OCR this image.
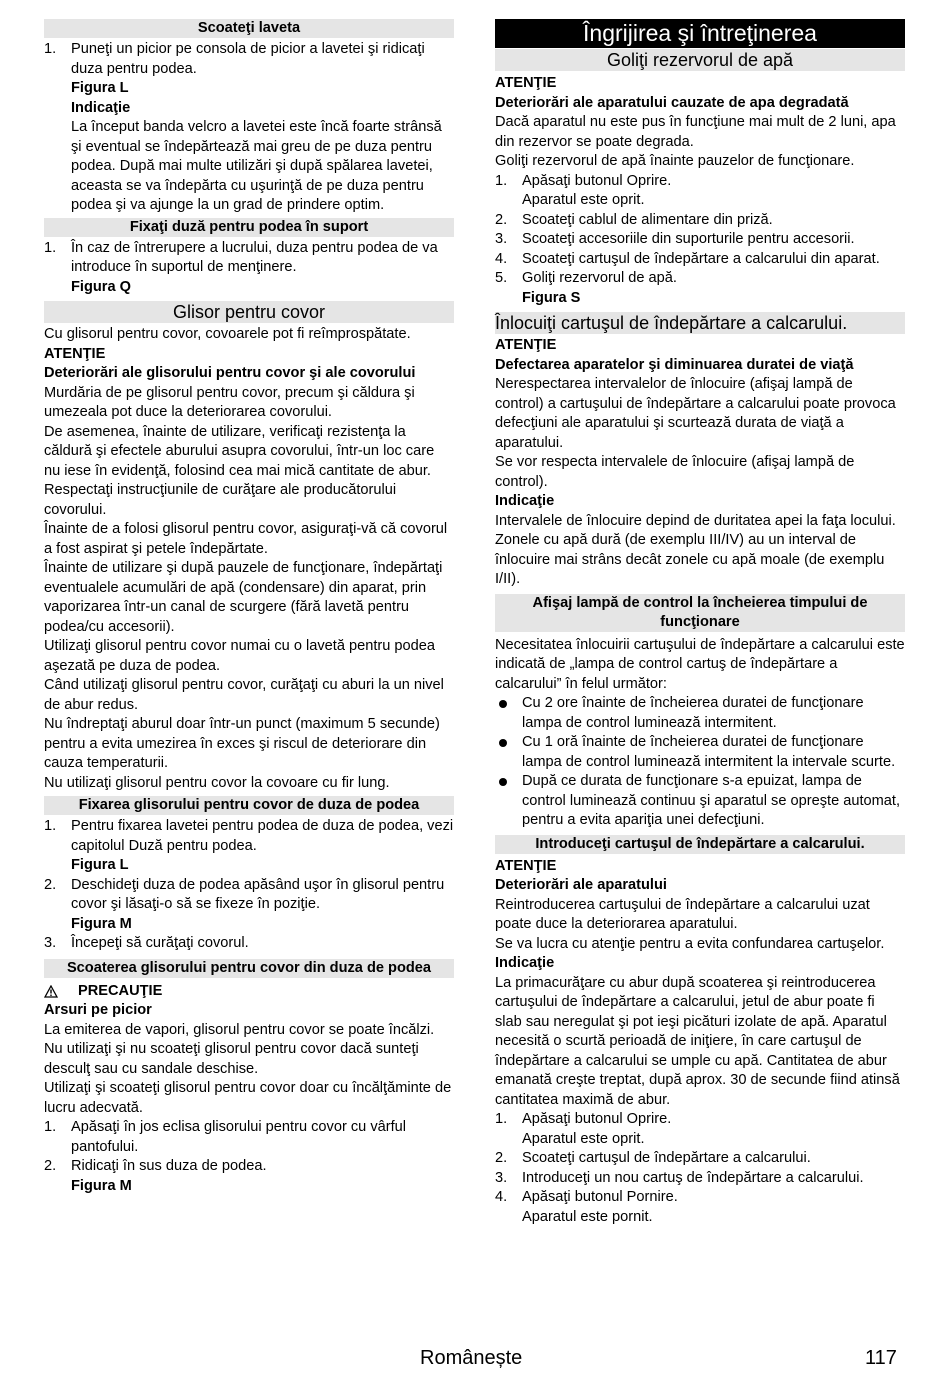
Scoateţi laveta
1. Puneţi un picior pe consola de picior a lavetei şi ridicaţi duza pentru podea.

Figura L

Indicaţie

La început banda velcro a lavetei este încă foarte strânsă şi eventual se îndepărtează mai greu de pe duza pentru podea. După mai multe utilizări şi după spălarea lavetei, aceasta se va îndepărta cu uşurinţă de pe duza pentru podea şi va ajunge la un grad de prindere optim.

Fixaţi duză pentru podea în suport
1. În caz de întrerupere a lucrului, duza pentru podea de va introduce în suportul de menţinere.

Figura Q

Glisor pentru covor

Cu glisorul pentru covor, covoarele pot fi reîmprospătate.

ATENŢIE

Deteriorări ale glisorului pentru covor şi ale covorului

Murdăria de pe glisorul pentru covor, precum şi căldura şi umezeala pot duce la deteriorarea covorului.

De asemenea, înainte de utilizare, verificaţi rezistenţa la căldură şi efectele aburului asupra covorului, într-un loc care nu iese în evidenţă, folosind cea mai mică cantitate de abur.

Respectaţi instrucţiunile de curăţare ale producătorului covorului.

Înainte de a folosi glisorul pentru covor, asiguraţi-vă că covorul a fost aspirat şi petele îndepărtate.

Înainte de utilizare şi după pauzele de funcţionare, îndepărtaţi eventualele acumulări de apă (condensare) din aparat, prin vaporizarea într-un canal de scurgere (fără lavetă pentru podea/cu accesorii).

Utilizaţi glisorul pentru covor numai cu o lavetă pentru podea aşezată pe duza de podea.

Când utilizaţi glisorul pentru covor, curăţaţi cu aburi la un nivel de abur redus.

Nu îndreptaţi aburul doar într-un punct (maximum 5 secunde) pentru a evita umezirea în exces şi riscul de deteriorare din cauza temperaturii.

Nu utilizaţi glisorul pentru covor la covoare cu fir lung.

Fixarea glisorului pentru covor de duza de podea
1. Pentru fixarea lavetei pentru podea de duza de podea, vezi capitolul Duză pentru podea.
Figura L
2. Deschideţi duza de podea apăsând uşor în glisorul pentru covor şi lăsaţi-o să se fixeze în poziţie.
Figura M
3. Începeţi să curăţaţi covorul.
Scoaterea glisorului pentru covor din duza de podea

PRECAUŢIE

Arsuri pe picior

La emiterea de vapori, glisorul pentru covor se poate încălzi.

Nu utilizaţi şi nu scoateţi glisorul pentru covor dacă sunteţi desculţ sau cu sandale deschise.

Utilizaţi şi scoateţi glisorul pentru covor doar cu încălţăminte de lucru adecvată.

1. Apăsaţi în jos eclisa glisorului pentru covor cu vârful pantofului.
2. Ridicaţi în sus duza de podea.
Figura M
Îngrijirea şi întreţinerea
Goliţi rezervorul de apă

ATENŢIE

Deteriorări ale aparatului cauzate de apa degradată

Dacă aparatul nu este pus în funcţiune mai mult de 2 luni, apa din rezervor se poate degrada.

Goliţi rezervorul de apă înainte pauzelor de funcţionare.

1. Apăsaţi butonul Oprire.
Aparatul este oprit.
2. Scoateţi cablul de alimentare din priză.
3. Scoateţi accesoriile din suporturile pentru accesorii.
4. Scoateţi cartuşul de îndepărtare a calcarului din aparat.
5. Goliţi rezervorul de apă.
Figura S
Înlocuiţi cartuşul de îndepărtare a calcarului.

ATENŢIE

Defectarea aparatelor şi diminuarea duratei de viaţă

Nerespectarea intervalelor de înlocuire (afişaj lampă de control) a cartuşului de îndepărtare a calcarului poate provoca defecţiuni ale aparatului şi scurtează durata de viaţă a aparatului.

Se vor respecta intervalele de înlocuire (afişaj lampă de control).

Indicaţie

Intervalele de înlocuire depind de duritatea apei la faţa locului. Zonele cu apă dură (de exemplu III/IV) au un interval de înlocuire mai strâns decât zonele cu apă moale (de exemplu I/II).

Afişaj lampă de control la încheierea timpului de funcţionare

Necesitatea înlocuirii cartuşului de îndepărtare a calcarului este indicată de „lampa de control cartuş de îndepărtare a calcarului” în felul următor:

Cu 2 ore înainte de încheierea duratei de funcţionare lampa de control luminează intermitent.
Cu 1 oră înainte de încheierea duratei de funcţionare lampa de control luminează intermitent la intervale scurte.
După ce durata de funcţionare s-a epuizat, lampa de control luminează continuu şi aparatul se opreşte automat, pentru a evita apariţia unei defecţiuni.
Introduceţi cartuşul de îndepărtare a calcarului.

ATENŢIE

Deteriorări ale aparatului

Reintroducerea cartuşului de îndepărtare a calcarului uzat poate duce la deteriorarea aparatului.

Se va lucra cu atenţie pentru a evita confundarea cartuşelor.

Indicaţie

La primacurăţare cu abur după scoaterea şi reintroducerea cartuşului de îndepărtare a calcarului, jetul de abur poate fi slab sau neregulat şi pot ieşi picături izolate de apă. Aparatul necesită o scurtă perioadă de iniţiere, în care cartuşul de îndepărtare a calcarului se umple cu apă. Cantitatea de abur emanată creşte treptat, după aprox. 30 de secunde fiind atinsă cantitatea maximă de abur.

1. Apăsaţi butonul Oprire.
Aparatul este oprit.
2. Scoateţi cartuşul de îndepărtare a calcarului.
3. Introduceţi un nou cartuş de îndepărtare a calcarului.
4. Apăsaţi butonul Pornire.
Aparatul este pornit.
Românește	117
